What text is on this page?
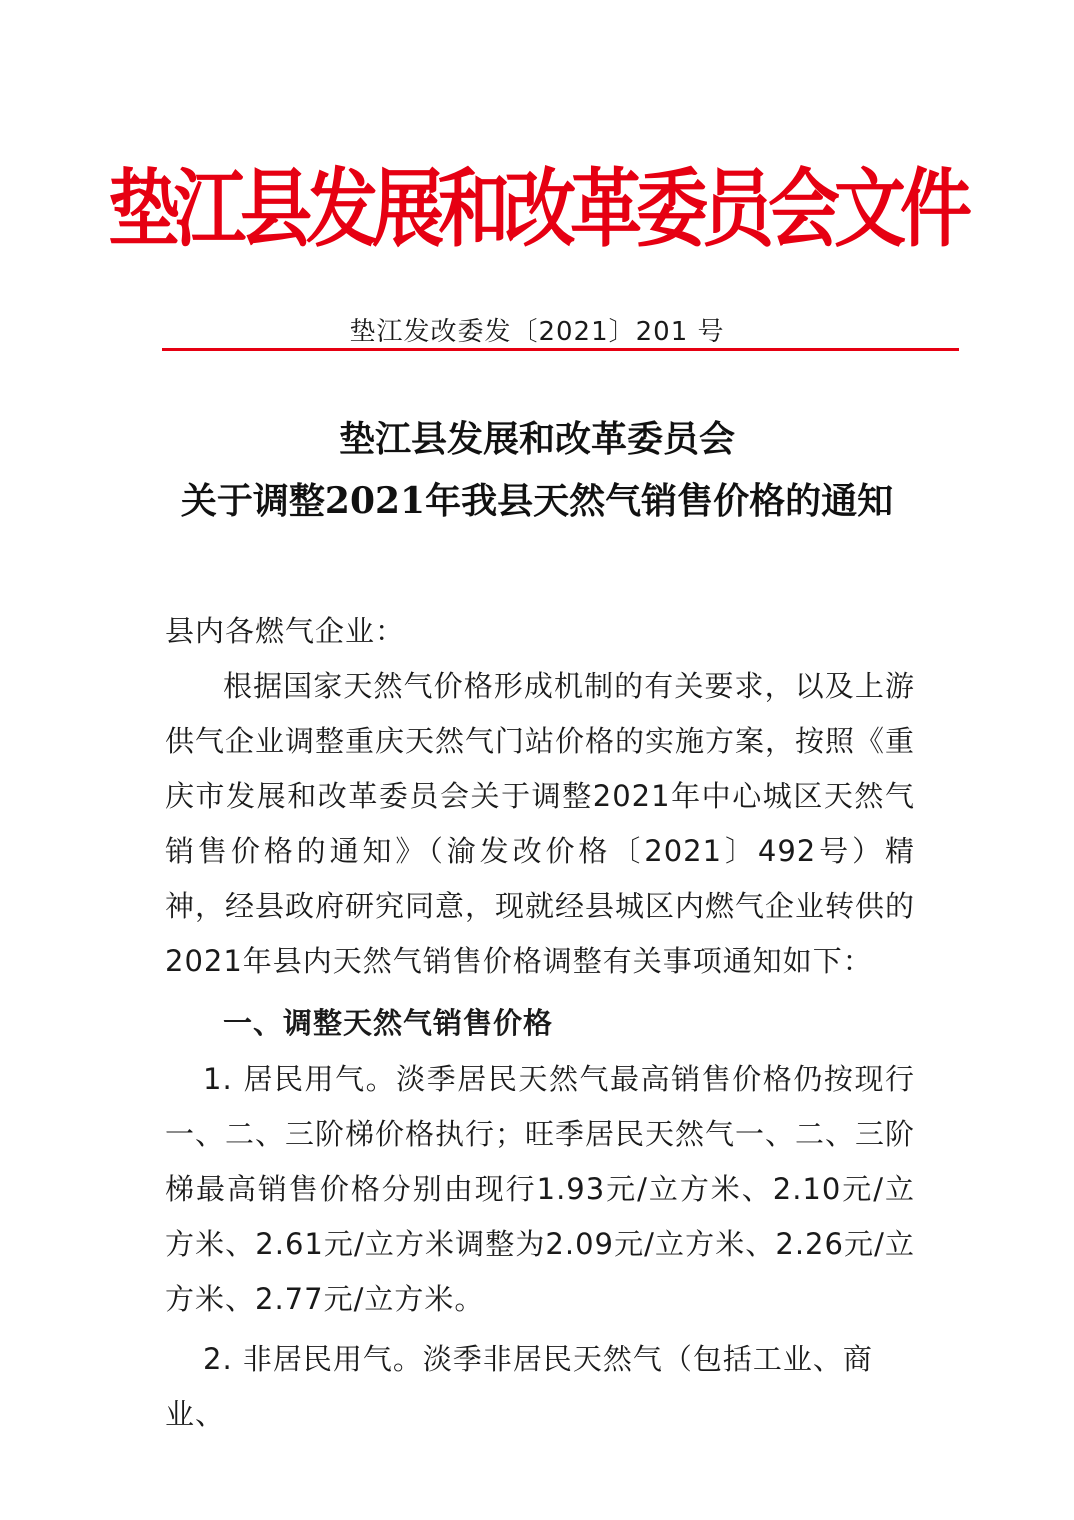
垫江县发展和改革委员会文件
垫江发改委发〔2021〕201 号
垫江县发展和改革委员会
关于调整2021年我县天然气销售价格的通知

县内各燃气企业：

根据国家天然气价格形成机制的有关要求，以及上游供气企业调整重庆天然气门站价格的实施方案，按照《重庆市发展和改革委员会关于调整2021年中心城区天然气销售价格的通知》（渝发改价格〔2021〕492号）精神，经县政府研究同意，现就经县城区内燃气企业转供的2021年县内天然气销售价格调整有关事项通知如下：

一、调整天然气销售价格

1. 居民用气。淡季居民天然气最高销售价格仍按现行一、二、三阶梯价格执行；旺季居民天然气一、二、三阶梯最高销售价格分别由现行1.93元/立方米、2.10元/立方米、2.61元/立方米调整为2.09元/立方米、2.26元/立方米、2.77元/立方米。

2. 非居民用气。淡季非居民天然气（包括工业、商业、
